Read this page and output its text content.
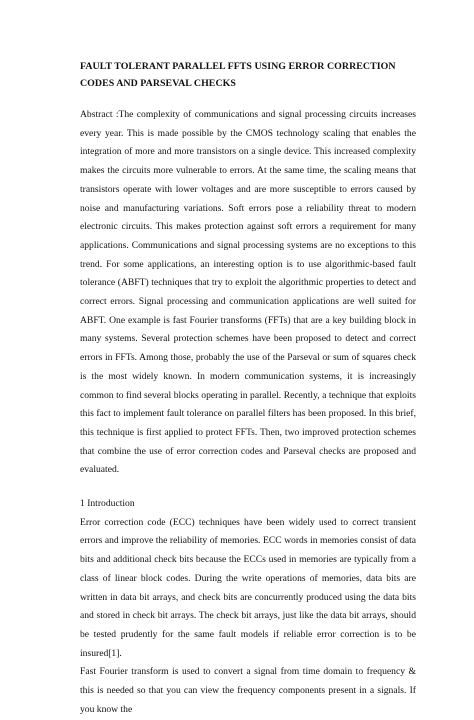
FAULT TOLERANT PARALLEL FFTS USING ERROR CORRECTION CODES AND PARSEVAL CHECKS

Abstract :The complexity of communications and signal processing circuits increases every year. This is made possible by the CMOS technology scaling that enables the integration of more and more transistors on a single device. This increased complexity makes the circuits more vulnerable to errors. At the same time, the scaling means that transistors operate with lower voltages and are more susceptible to errors caused by noise and manufacturing variations. Soft errors pose a reliability threat to modern electronic circuits. This makes protection against soft errors a requirement for many applications. Communications and signal processing systems are no exceptions to this trend. For some applications, an interesting option is to use algorithmic-based fault tolerance (ABFT) techniques that try to exploit the algorithmic properties to detect and correct errors. Signal processing and communication applications are well suited for ABFT. One example is fast Fourier transforms (FFTs) that are a key building block in many systems. Several protection schemes have been proposed to detect and correct errors in FFTs. Among those, probably the use of the Parseval or sum of squares check is the most widely known. In modern communication systems, it is increasingly common to find several blocks operating in parallel. Recently, a technique that exploits this fact to implement fault tolerance on parallel filters has been proposed. In this brief, this technique is first applied to protect FFTs. Then, two improved protection schemes that combine the use of error correction codes and Parseval checks are proposed and evaluated.

1 Introduction

Error correction code (ECC) techniques have been widely used to correct transient errors and improve the reliability of memories. ECC words in memories consist of data bits and additional check bits because the ECCs used in memories are typically from a class of linear block codes. During the write operations of memories, data bits are written in data bit arrays, and check bits are concurrently produced using the data bits and stored in check bit arrays. The check bit arrays, just like the data bit arrays, should be tested prudently for the same fault models if reliable error correction is to be insured[1].

Fast Fourier transform is used to convert a signal from time domain to frequency & this is needed so that you can view the frequency components present in a signals. If you know the
